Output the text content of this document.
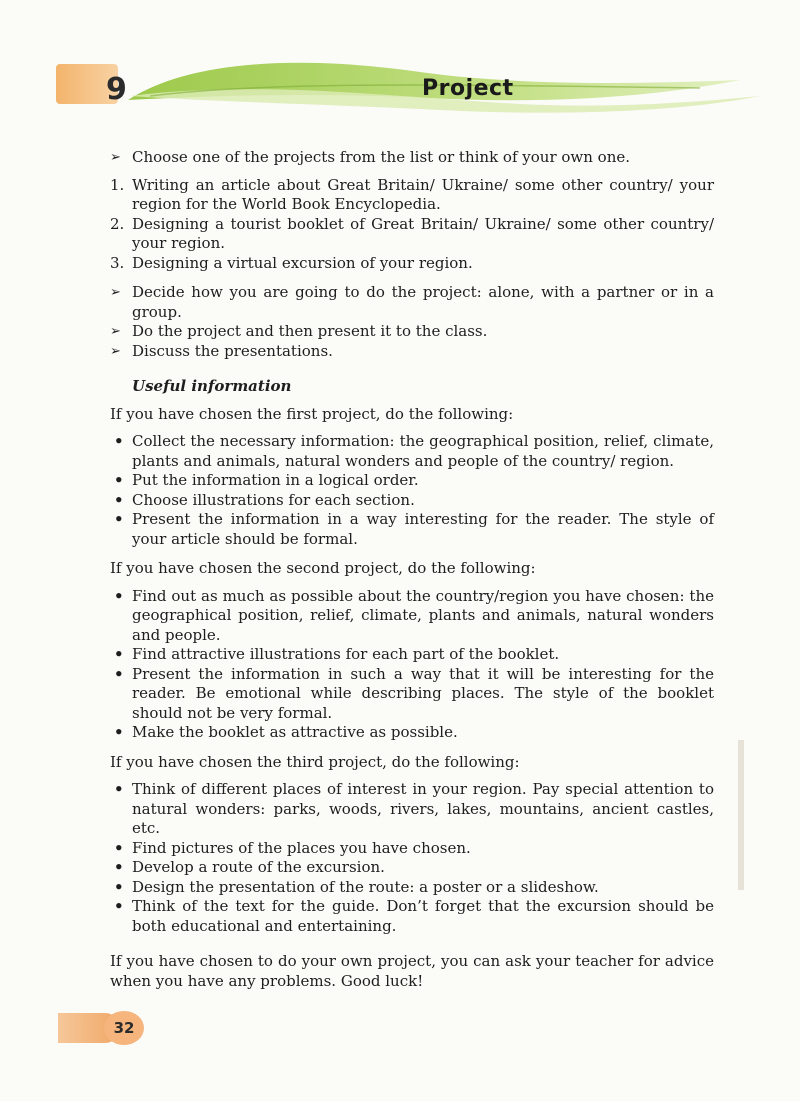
9	Project
➢ Choose one of the projects from the list or think of your own one.
1. Writing an article about Great Britain/ Ukraine/ some other country/ your region for the World Book Encyclopedia.
2. Designing a tourist booklet of Great Britain/ Ukraine/ some other country/ your region.
3. Designing a virtual excursion of your region.
➢ Decide how you are going to do the project: alone, with a partner or in a group.
➢ Do the project and then present it to the class.
➢ Discuss the presentations.

Useful information

If you have chosen the first project, do the following:

• Collect the necessary information: the geographical position, relief, climate, plants and animals, natural wonders and people of the country/ region.
• Put the information in a logical order.
• Choose illustrations for each section.
• Present the information in a way interesting for the reader. The style of your article should be formal.

If you have chosen the second project, do the following:

• Find out as much as possible about the country/region you have chosen: the geographical position, relief, climate, plants and animals, natural wonders and people.
• Find attractive illustrations for each part of the booklet.
• Present the information in such a way that it will be interesting for the reader. Be emotional while describing places. The style of the booklet should not be very formal.
• Make the booklet as attractive as possible.

If you have chosen the third project, do the following:

• Think of different places of interest in your region. Pay special attention to natural wonders: parks, woods, rivers, lakes, mountains, ancient castles, etc.
• Find pictures of the places you have chosen.
• Develop a route of the excursion.
• Design the presentation of the route: a poster or a slideshow.
• Think of the text for the guide. Don’t forget that the excursion should be both educational and entertaining.

If you have chosen to do your own project, you can ask your teacher for advice when you have any problems. Good luck!

32
